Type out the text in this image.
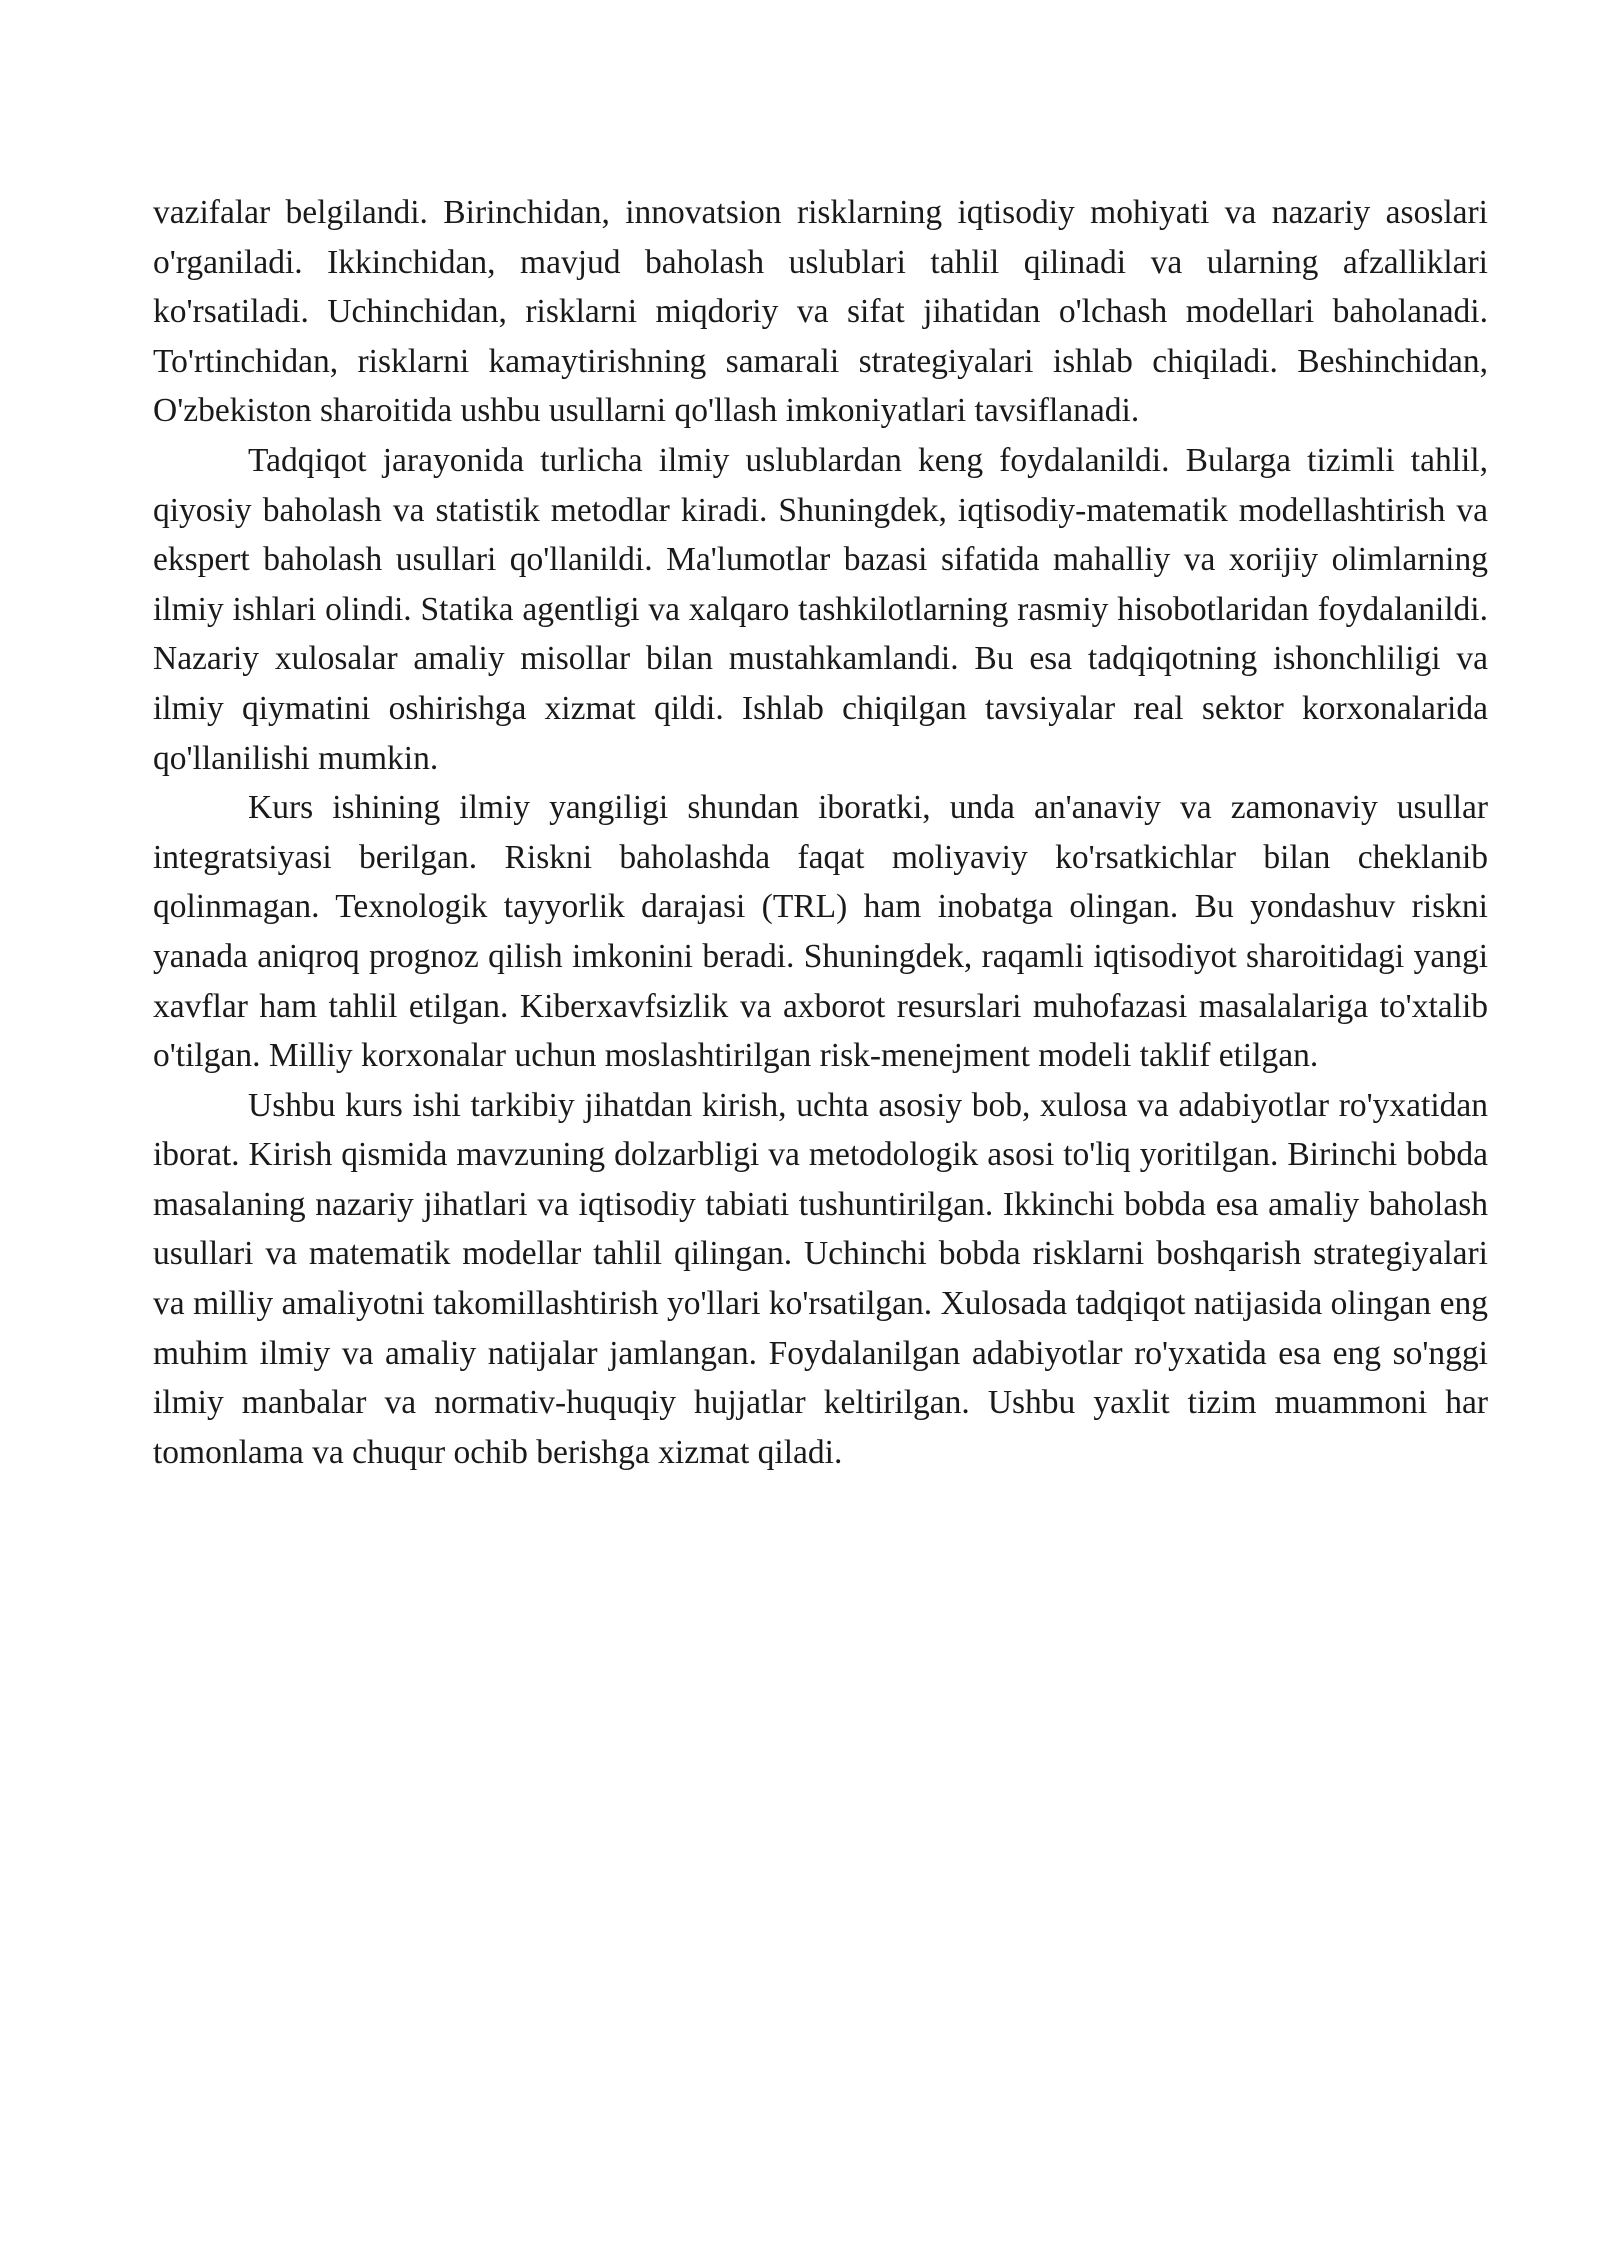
vazifalar belgilandi. Birinchidan, innovatsion risklarning iqtisodiy mohiyati va nazariy asoslari o'rganiladi. Ikkinchidan, mavjud baholash uslublari tahlil qilinadi va ularning afzalliklari ko'rsatiladi. Uchinchidan, risklarni miqdoriy va sifat jihatidan o'lchash modellari baholanadi. To'rtinchidan, risklarni kamaytirishning samarali strategiyalari ishlab chiqiladi. Beshinchidan, O'zbekiston sharoitida ushbu usullarni qo'llash imkoniyatlari tavsiflanadi.

Tadqiqot jarayonida turlicha ilmiy uslublardan keng foydalanildi. Bularga tizimli tahlil, qiyosiy baholash va statistik metodlar kiradi. Shuningdek, iqtisodiy-matematik modellashtirish va ekspert baholash usullari qo'llanildi. Ma'lumotlar bazasi sifatida mahalliy va xorijiy olimlarning ilmiy ishlari olindi. Statika agentligi va xalqaro tashkilotlarning rasmiy hisobotlaridan foydalanildi. Nazariy xulosalar amaliy misollar bilan mustahkamlandi. Bu esa tadqiqotning ishonchliligi va ilmiy qiymatini oshirishga xizmat qildi. Ishlab chiqilgan tavsiyalar real sektor korxonalarida qo'llanilishi mumkin.

Kurs ishining ilmiy yangiligi shundan iboratki, unda an'anaviy va zamonaviy usullar integratsiyasi berilgan. Riskni baholashda faqat moliyaviy ko'rsatkichlar bilan cheklanib qolinmagan. Texnologik tayyorlik darajasi (TRL) ham inobatga olingan. Bu yondashuv riskni yanada aniqroq prognoz qilish imkonini beradi. Shuningdek, raqamli iqtisodiyot sharoitidagi yangi xavflar ham tahlil etilgan. Kiberxavfsizlik va axborot resurslari muhofazasi masalalariga to'xtalib o'tilgan. Milliy korxonalar uchun moslashtirilgan risk-menejment modeli taklif etilgan.

Ushbu kurs ishi tarkibiy jihatdan kirish, uchta asosiy bob, xulosa va adabiyotlar ro'yxatidan iborat. Kirish qismida mavzuning dolzarbligi va metodologik asosi to'liq yoritilgan. Birinchi bobda masalaning nazariy jihatlari va iqtisodiy tabiati tushuntirilgan. Ikkinchi bobda esa amaliy baholash usullari va matematik modellar tahlil qilingan. Uchinchi bobda risklarni boshqarish strategiyalari va milliy amaliyotni takomillashtirish yo'llari ko'rsatilgan. Xulosada tadqiqot natijasida olingan eng muhim ilmiy va amaliy natijalar jamlangan. Foydalanilgan adabiyotlar ro'yxatida esa eng so'nggi ilmiy manbalar va normativ-huquqiy hujjatlar keltirilgan. Ushbu yaxlit tizim muammoni har tomonlama va chuqur ochib berishga xizmat qiladi.
